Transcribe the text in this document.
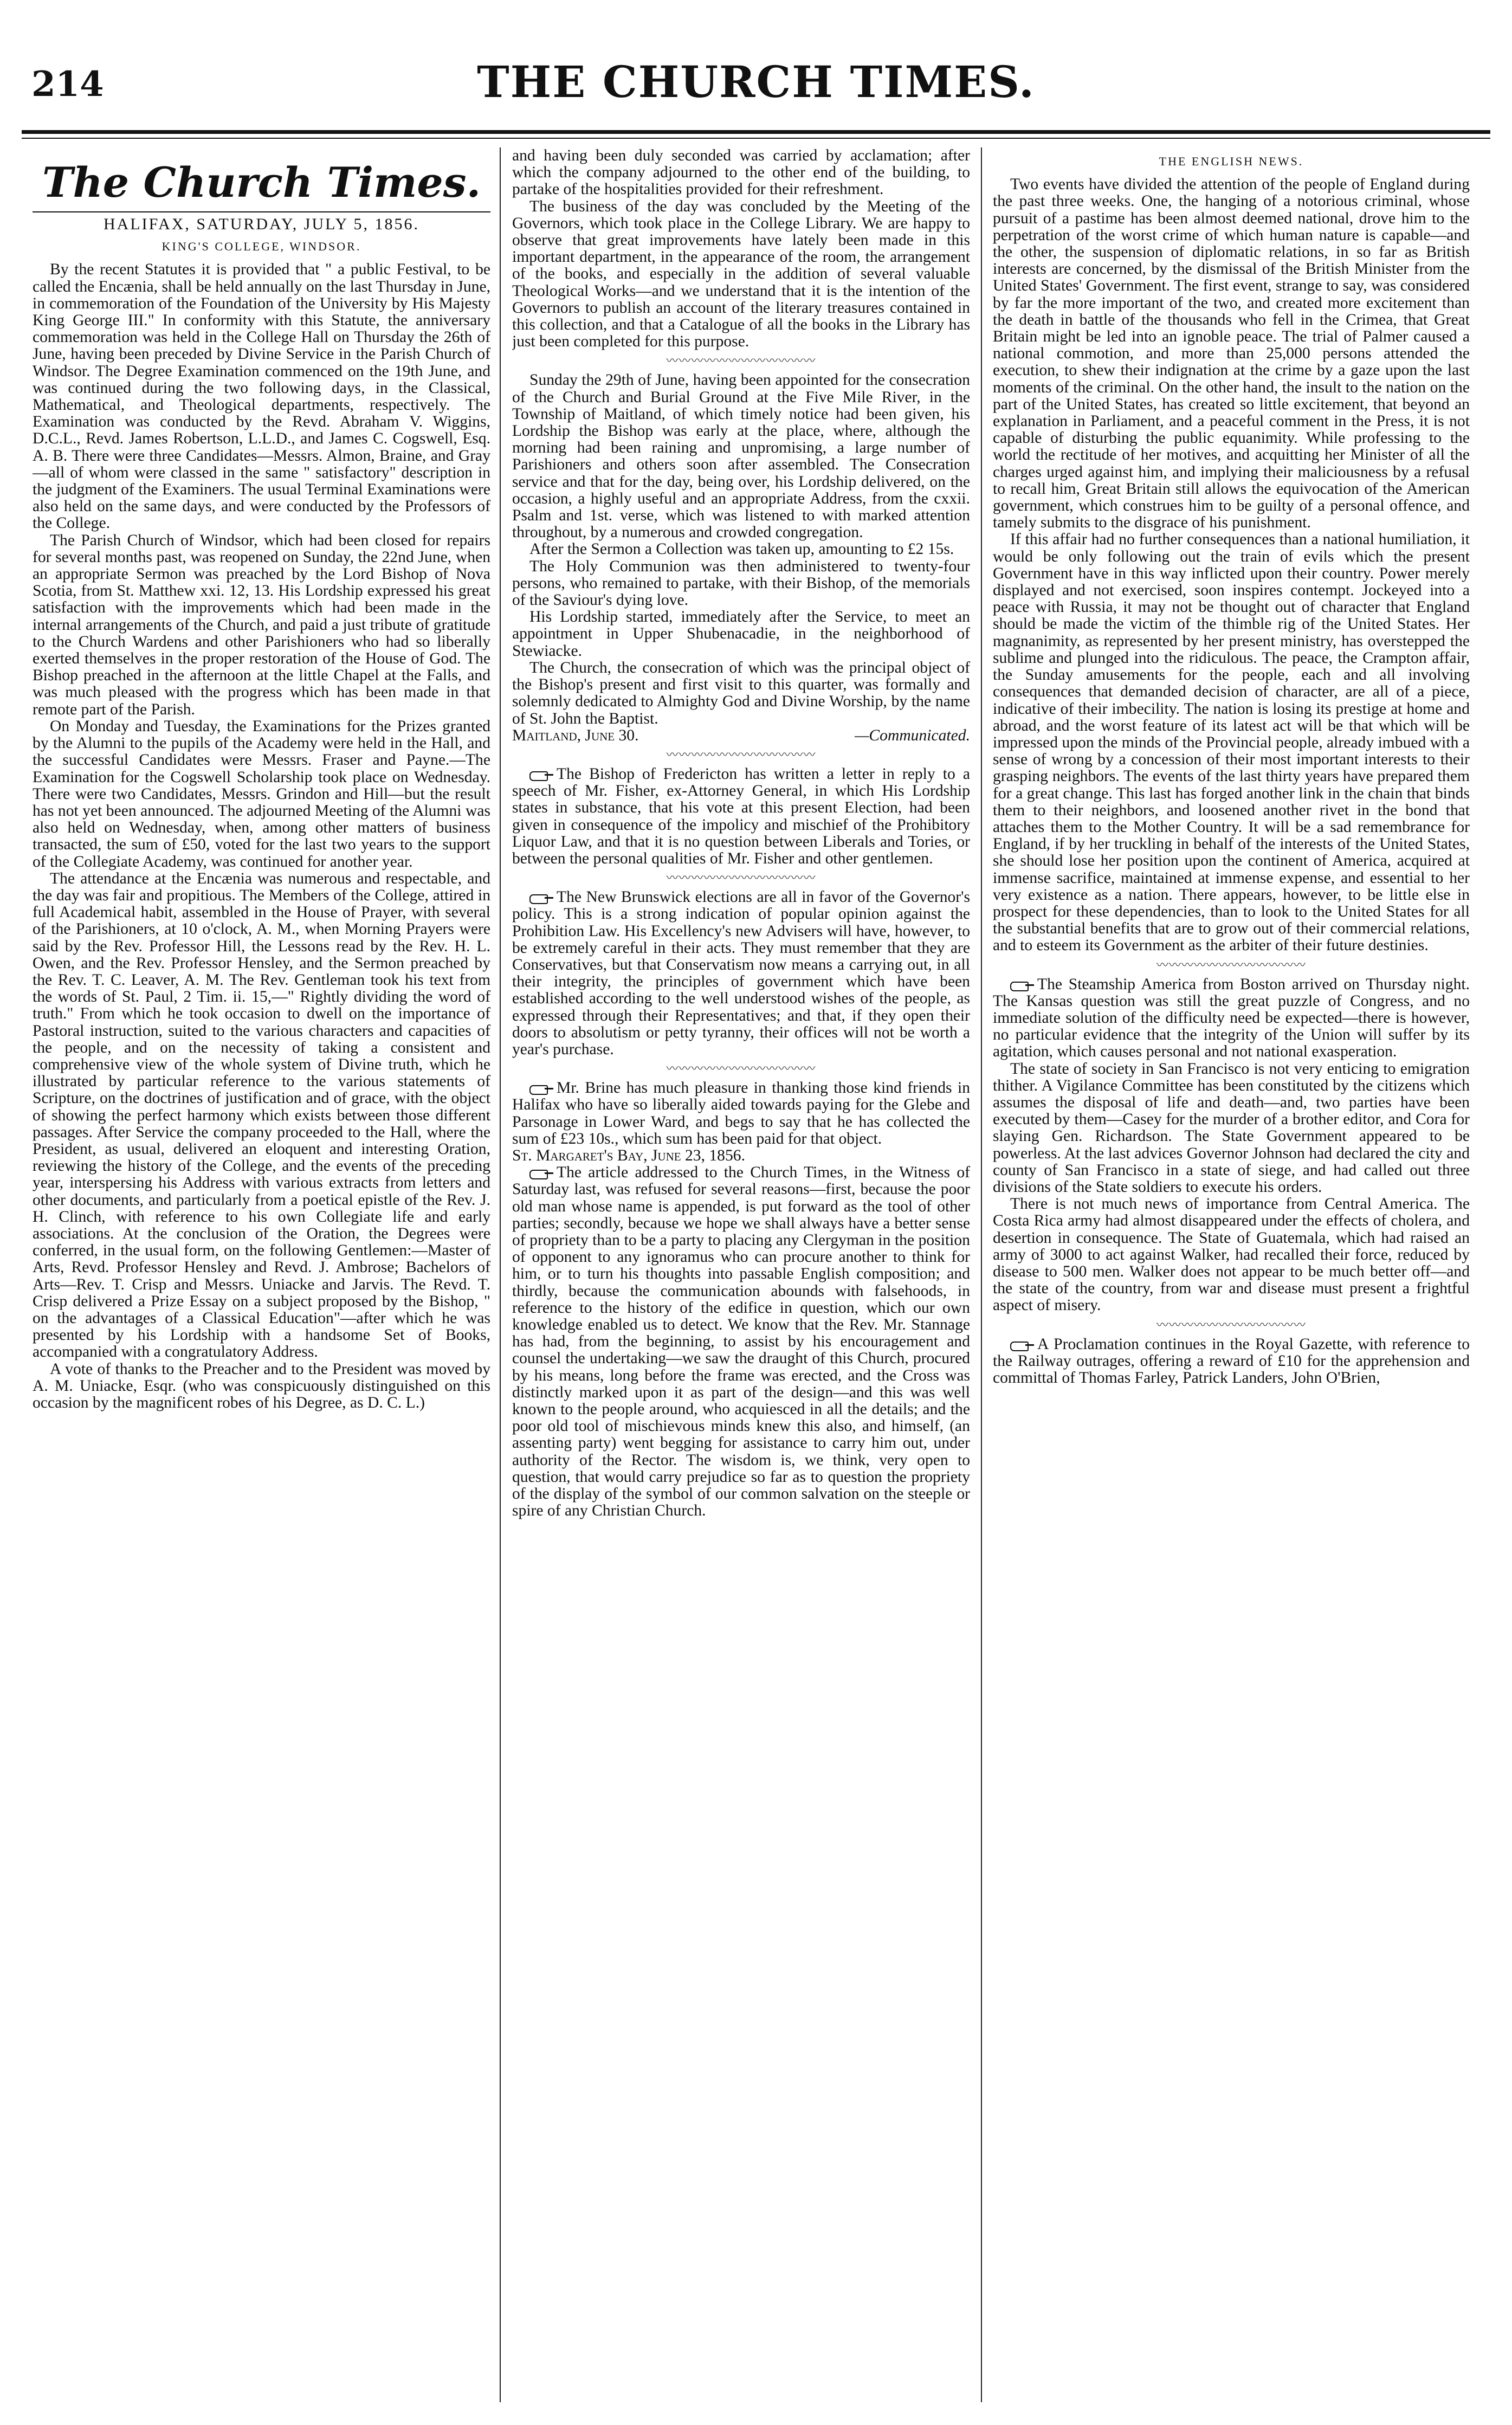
214	THE CHURCH TIMES.
The Church Times.
HALIFAX, SATURDAY, JULY 5, 1856.
KING'S COLLEGE, WINDSOR.

By the recent Statutes it is provided that " a public Festival, to be called the Encænia, shall be held annually on the last Thursday in June, in commemoration of the Foundation of the University by His Majesty King George III." In conformity with this Statute, the anniversary commemoration was held in the College Hall on Thursday the 26th of June, having been preceded by Divine Service in the Parish Church of Windsor. The Degree Examination commenced on the 19th June, and was continued during the two following days, in the Classical, Mathematical, and Theological departments, respectively. The Examination was conducted by the Revd. Abraham V. Wiggins, D.C.L., Revd. James Robertson, L.L.D., and James C. Cogswell, Esq. A. B. There were three Candidates—Messrs. Almon, Braine, and Gray—all of whom were classed in the same " satisfactory" description in the judgment of the Examiners. The usual Terminal Examinations were also held on the same days, and were conducted by the Professors of the College.

The Parish Church of Windsor, which had been closed for repairs for several months past, was reopened on Sunday, the 22nd June, when an appropriate Sermon was preached by the Lord Bishop of Nova Scotia, from St. Matthew xxi. 12, 13. His Lordship expressed his great satisfaction with the improvements which had been made in the internal arrangements of the Church, and paid a just tribute of gratitude to the Church Wardens and other Parishioners who had so liberally exerted themselves in the proper restoration of the House of God. The Bishop preached in the afternoon at the little Chapel at the Falls, and was much pleased with the progress which has been made in that remote part of the Parish.

On Monday and Tuesday, the Examinations for the Prizes granted by the Alumni to the pupils of the Academy were held in the Hall, and the successful Candidates were Messrs. Fraser and Payne.—The Examination for the Cogswell Scholarship took place on Wednesday. There were two Candidates, Messrs. Grindon and Hill—but the result has not yet been announced. The adjourned Meeting of the Alumni was also held on Wednesday, when, among other matters of business transacted, the sum of £50, voted for the last two years to the support of the Collegiate Academy, was continued for another year.

The attendance at the Encænia was numerous and respectable, and the day was fair and propitious. The Members of the College, attired in full Academical habit, assembled in the House of Prayer, with several of the Parishioners, at 10 o'clock, A. M., when Morning Prayers were said by the Rev. Professor Hill, the Lessons read by the Rev. H. L. Owen, and the Rev. Professor Hensley, and the Sermon preached by the Rev. T. C. Leaver, A. M. The Rev. Gentleman took his text from the words of St. Paul, 2 Tim. ii. 15,—" Rightly dividing the word of truth." From which he took occasion to dwell on the importance of Pastoral instruction, suited to the various characters and capacities of the people, and on the necessity of taking a consistent and comprehensive view of the whole system of Divine truth, which he illustrated by particular reference to the various statements of Scripture, on the doctrines of justification and of grace, with the object of showing the perfect harmony which exists between those different passages. After Service the company proceeded to the Hall, where the President, as usual, delivered an eloquent and interesting Oration, reviewing the history of the College, and the events of the preceding year, interspersing his Address with various extracts from letters and other documents, and particularly from a poetical epistle of the Rev. J. H. Clinch, with reference to his own Collegiate life and early associations. At the conclusion of the Oration, the Degrees were conferred, in the usual form, on the following Gentlemen:—Master of Arts, Revd. Professor Hensley and Revd. J. Ambrose; Bachelors of Arts—Rev. T. Crisp and Messrs. Uniacke and Jarvis. The Revd. T. Crisp delivered a Prize Essay on a subject proposed by the Bishop, " on the advantages of a Classical Education"—after which he was presented by his Lordship with a handsome Set of Books, accompanied with a congratulatory Address.

A vote of thanks to the Preacher and to the President was moved by A. M. Uniacke, Esqr. (who was conspicuously distinguished on this occasion by the magnificent robes of his Degree, as D. C. L.)

and having been duly seconded was carried by acclamation; after which the company adjourned to the other end of the building, to partake of the hospitalities provided for their refreshment.

The business of the day was concluded by the Meeting of the Governors, which took place in the College Library. We are happy to observe that great improvements have lately been made in this important department, in the appearance of the room, the arrangement of the books, and especially in the addition of several valuable Theological Works—and we understand that it is the intention of the Governors to publish an account of the literary treasures contained in this collection, and that a Catalogue of all the books in the Library has just been completed for this purpose.

〰〰〰〰〰〰〰〰〰〰〰〰

Sunday the 29th of June, having been appointed for the consecration of the Church and Burial Ground at the Five Mile River, in the Township of Maitland, of which timely notice had been given, his Lordship the Bishop was early at the place, where, although the morning had been raining and unpromising, a large number of Parishioners and others soon after assembled. The Consecration service and that for the day, being over, his Lordship delivered, on the occasion, a highly useful and an appropriate Address, from the cxxii. Psalm and 1st. verse, which was listened to with marked attention throughout, by a numerous and crowded congregation.

After the Sermon a Collection was taken up, amounting to £2 15s.

The Holy Communion was then administered to twenty-four persons, who remained to partake, with their Bishop, of the memorials of the Saviour's dying love.

His Lordship started, immediately after the Service, to meet an appointment in Upper Shubenacadie, in the neighborhood of Stewiacke.

The Church, the consecration of which was the principal object of the Bishop's present and first visit to this quarter, was formally and solemnly dedicated to Almighty God and Divine Worship, by the name of St. John the Baptist.

Maitland, June 30.	—Communicated.

〰〰〰〰〰〰〰〰〰〰〰〰

The Bishop of Fredericton has written a letter in reply to a speech of Mr. Fisher, ex-Attorney General, in which His Lordship states in substance, that his vote at this present Election, had been given in consequence of the impolicy and mischief of the Prohibitory Liquor Law, and that it is no question between Liberals and Tories, or between the personal qualities of Mr. Fisher and other gentlemen.

〰〰〰〰〰〰〰〰〰〰〰〰

The New Brunswick elections are all in favor of the Governor's policy. This is a strong indication of popular opinion against the Prohibition Law. His Excellency's new Advisers will have, however, to be extremely careful in their acts. They must remember that they are Conservatives, but that Conservatism now means a carrying out, in all their integrity, the principles of government which have been established according to the well understood wishes of the people, as expressed through their Representatives; and that, if they open their doors to absolutism or petty tyranny, their offices will not be worth a year's purchase.

〰〰〰〰〰〰〰〰〰〰〰〰

Mr. Brine has much pleasure in thanking those kind friends in Halifax who have so liberally aided towards paying for the Glebe and Parsonage in Lower Ward, and begs to say that he has collected the sum of £23 10s., which sum has been paid for that object.

St. Margaret's Bay, June 23, 1856.

The article addressed to the Church Times, in the Witness of Saturday last, was refused for several reasons—first, because the poor old man whose name is appended, is put forward as the tool of other parties; secondly, because we hope we shall always have a better sense of propriety than to be a party to placing any Clergyman in the position of opponent to any ignoramus who can procure another to think for him, or to turn his thoughts into passable English composition; and thirdly, because the communication abounds with falsehoods, in reference to the history of the edifice in question, which our own knowledge enabled us to detect. We know that the Rev. Mr. Stannage has had, from the beginning, to assist by his encouragement and counsel the undertaking—we saw the draught of this Church, procured by his means, long before the frame was erected, and the Cross was distinctly marked upon it as part of the design—and this was well known to the people around, who acquiesced in all the details; and the poor old tool of mischievous minds knew this also, and himself, (an assenting party) went begging for assistance to carry him out, under authority of the Rector. The wisdom is, we think, very open to question, that would carry prejudice so far as to question the propriety of the display of the symbol of our common salvation on the steeple or spire of any Christian Church.

THE ENGLISH NEWS.

Two events have divided the attention of the people of England during the past three weeks. One, the hanging of a notorious criminal, whose pursuit of a pastime has been almost deemed national, drove him to the perpetration of the worst crime of which human nature is capable—and the other, the suspension of diplomatic relations, in so far as British interests are concerned, by the dismissal of the British Minister from the United States' Government. The first event, strange to say, was considered by far the more important of the two, and created more excitement than the death in battle of the thousands who fell in the Crimea, that Great Britain might be led into an ignoble peace. The trial of Palmer caused a national commotion, and more than 25,000 persons attended the execution, to shew their indignation at the crime by a gaze upon the last moments of the criminal. On the other hand, the insult to the nation on the part of the United States, has created so little excitement, that beyond an explanation in Parliament, and a peaceful comment in the Press, it is not capable of disturbing the public equanimity. While professing to the world the rectitude of her motives, and acquitting her Minister of all the charges urged against him, and implying their maliciousness by a refusal to recall him, Great Britain still allows the equivocation of the American government, which construes him to be guilty of a personal offence, and tamely submits to the disgrace of his punishment.

If this affair had no further consequences than a national humiliation, it would be only following out the train of evils which the present Government have in this way inflicted upon their country. Power merely displayed and not exercised, soon inspires contempt. Jockeyed into a peace with Russia, it may not be thought out of character that England should be made the victim of the thimble rig of the United States. Her magnanimity, as represented by her present ministry, has overstepped the sublime and plunged into the ridiculous. The peace, the Crampton affair, the Sunday amusements for the people, each and all involving consequences that demanded decision of character, are all of a piece, indicative of their imbecility. The nation is losing its prestige at home and abroad, and the worst feature of its latest act will be that which will be impressed upon the minds of the Provincial people, already imbued with a sense of wrong by a concession of their most important interests to their grasping neighbors. The events of the last thirty years have prepared them for a great change. This last has forged another link in the chain that binds them to their neighbors, and loosened another rivet in the bond that attaches them to the Mother Country. It will be a sad remembrance for England, if by her truckling in behalf of the interests of the United States, she should lose her position upon the continent of America, acquired at immense sacrifice, maintained at immense expense, and essential to her very existence as a nation. There appears, however, to be little else in prospect for these dependencies, than to look to the United States for all the substantial benefits that are to grow out of their commercial relations, and to esteem its Government as the arbiter of their future destinies.

〰〰〰〰〰〰〰〰〰〰〰〰

The Steamship America from Boston arrived on Thursday night. The Kansas question was still the great puzzle of Congress, and no immediate solution of the difficulty need be expected—there is however, no particular evidence that the integrity of the Union will suffer by its agitation, which causes personal and not national exasperation.

The state of society in San Francisco is not very enticing to emigration thither. A Vigilance Committee has been constituted by the citizens which assumes the disposal of life and death—and, two parties have been executed by them—Casey for the murder of a brother editor, and Cora for slaying Gen. Richardson. The State Government appeared to be powerless. At the last advices Governor Johnson had declared the city and county of San Francisco in a state of siege, and had called out three divisions of the State soldiers to execute his orders.

There is not much news of importance from Central America. The Costa Rica army had almost disappeared under the effects of cholera, and desertion in consequence. The State of Guatemala, which had raised an army of 3000 to act against Walker, had recalled their force, reduced by disease to 500 men. Walker does not appear to be much better off—and the state of the country, from war and disease must present a frightful aspect of misery.

〰〰〰〰〰〰〰〰〰〰〰〰

A Proclamation continues in the Royal Gazette, with reference to the Railway outrages, offering a reward of £10 for the apprehension and committal of Thomas Farley, Patrick Landers, John O'Brien,
